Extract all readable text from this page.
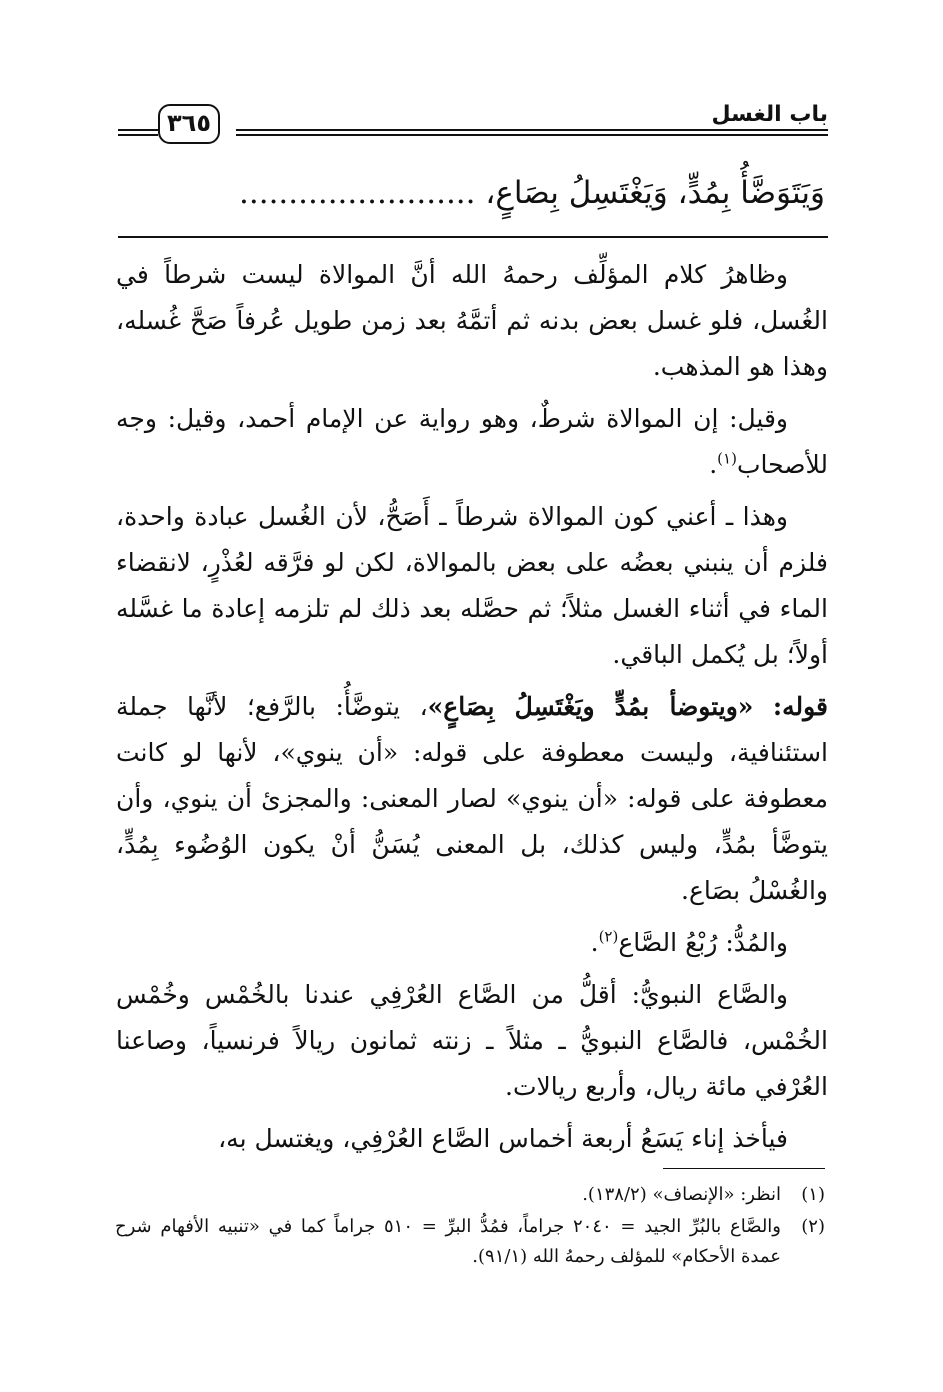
باب الغسل
٣٦٥
وَيَتَوَضَّأُ بِمُدٍّ، وَيَغْتَسِلُ بِصَاعٍ، ........................

وظاهرُ كلام المؤلِّف رحمهُ الله أنَّ الموالاة ليست شرطاً في الغُسل، فلو غسل بعض بدنه ثم أتمَّهُ بعد زمن طويل عُرفاً صَحَّ غُسله، وهذا هو المذهب.

وقيل: إن الموالاة شرطٌ، وهو رواية عن الإمام أحمد، وقيل: وجه للأصحاب$^{(١)}$.

وهذا ـ أعني كون الموالاة شرطاً ـ أَصَحُّ، لأن الغُسل عبادة واحدة، فلزم أن ينبني بعضُه على بعض بالموالاة، لكن لو فرَّقه لعُذْرٍ، لانقضاء الماء في أثناء الغسل مثلاً؛ ثم حصَّله بعد ذلك لم تلزمه إعادة ما غسَّله أولاً؛ بل يُكمل الباقي.

قوله: «ويتوضأ بمُدٍّ ويَغْتَسِلُ بِصَاعٍ»، يتوضَّأُ: بالرَّفع؛ لأنَّها جملة استئنافية، وليست معطوفة على قوله: «أن ينوي»، لأنها لو كانت معطوفة على قوله: «أن ينوي» لصار المعنى: والمجزئ أن ينوي، وأن يتوضَّأ بمُدٍّ، وليس كذلك، بل المعنى يُسَنُّ أنْ يكون الوُضُوء بِمُدٍّ، والغُسْلُ بصَاع.

والمُدُّ: رُبْعُ الصَّاع$^{(٢)}$.

والصَّاع النبويُّ: أقلُّ من الصَّاع العُرْفِي عندنا بالخُمْس وخُمْس الخُمْس، فالصَّاع النبويُّ ـ مثلاً ـ زنته ثمانون ريالاً فرنسياً، وصاعنا العُرْفي مائة ريال، وأربع ريالات.

فيأخذ إناء يَسَعُ أربعة أخماس الصَّاع العُرْفِي، ويغتسل به،

(١)
انظر: «الإنصاف» (١٣٨/٢).
(٢)
والصَّاع بالبُرِّ الجيد = ٢٠٤٠ جراماً، فمُدُّ البرِّ = ٥١٠ جراماً كما في «تنبيه الأفهام شرح عمدة الأحكام» للمؤلف رحمهُ الله (٩١/١).
